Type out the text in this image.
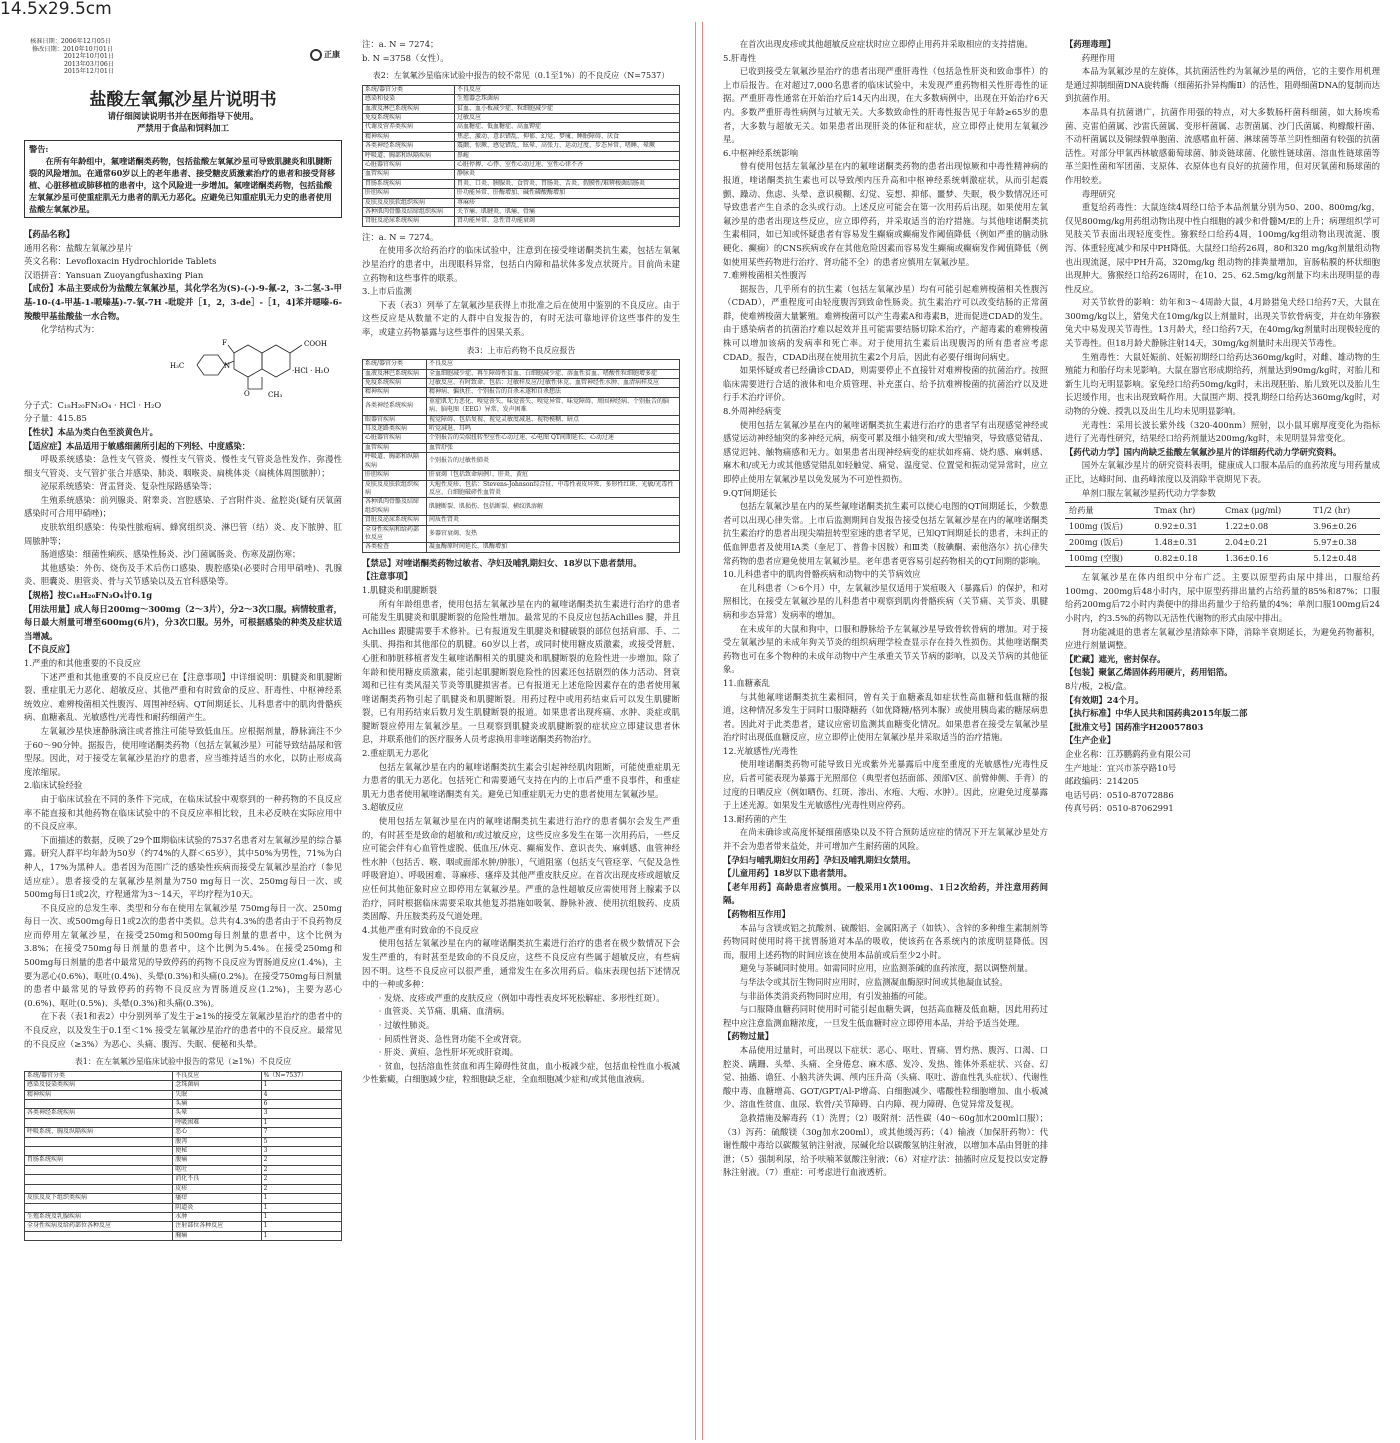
14.5x29.5cm
正康
核准日期：2006年12月05日
修改日期：2010年10月01日
2012年10月01日
2013年03月06日
2015年12月01日
盐酸左氧氟沙星片说明书
请仔细阅读说明书并在医师指导下使用。
严禁用于食品和饲料加工
警告:
在所有年龄组中，氟喹诺酮类药物，包括盐酸左氧氟沙星可导致肌腱炎和肌腱断裂的风险增加。在通常60岁以上的老年患者、接受糖皮质激素治疗的患者和接受肾移植、心脏移植或肺移植的患者中，这个风险进一步增加。氟喹诺酮类药物，包括盐酸左氧氟沙星可使重症肌无力患者的肌无力恶化。应避免已知重症肌无力史的患者使用盐酸左氧氟沙星。

【药品名称】

通用名称：盐酸左氧氟沙星片

英文名称：Levofloxacin Hydrochloride Tablets

汉语拼音：Yansuan Zuoyangfushaxing Pian

【成份】本品主要成份为盐酸左氧氟沙星，其化学名为(S)-(-)-9-氟-2，3-二氢-3-甲基-10-(4-甲基-1-哌嗪基)-7-氧-7H -吡啶并［1，2，3-de］-［1，4]苯并噁嗪-6-羧酸甲基盐酸盐一水合物。

化学结构式为：

COOH
F
N
O
H₃C
CH₃
·HCl · H₂O

分子式：C₁₈H₂₀FN₃O₄ · HCl · H₂O

分子量：415.85

【性状】本品为类白色至淡黄色片。

【适应症】本品适用于敏感细菌所引起的下列轻、中度感染：

呼吸系统感染：急性支气管炎、慢性支气管炎、慢性支气管炎急性发作、弥漫性细支气管炎、支气管扩张合并感染、肺炎、咽喉炎、扁桃体炎（扁桃体周围脓肿）；

泌尿系统感染：肾盂肾炎、复杂性尿路感染等；

生殖系统感染：前列腺炎、附睾炎、宫腔感染、子宫附件炎、盆腔炎(疑有厌氧菌感染时可合用甲硝唑)；

皮肤软组织感染：传染性脓疱病、蜂窝组织炎、淋巴管（结）炎、皮下脓肿、肛周脓肿等；

肠道感染：细菌性痢疾、感染性肠炎、沙门菌属肠炎、伤寒及副伤寒；

其他感染：外伤、烧伤及手术后伤口感染、腹腔感染(必要时合用甲硝唑)、乳腺炎、胆囊炎、胆管炎、骨与关节感染以及五官科感染等。

【规格】按C₁₈H₂₀FN₃O₄计0.1g

【用法用量】成人每日200mg～300mg（2～3片），分2～3次口服。病情较重者，每日最大剂量可增至600mg(6片)，分3次口服。另外，可根据感染的种类及症状适当增减。

【不良反应】

1.严重的和其他重要的不良反应

下述严重和其他重要的不良反应已在【注意事项】中详细说明：肌腱炎和肌腱断裂、重症肌无力恶化、超敏反应、其他严重和有时致命的反应、肝毒性、中枢神经系统效应、难辨梭菌相关性腹泻、周围神经病、QT间期延长、儿科患者中的肌肉骨骼疾病、血糖紊乱、光敏感性/光毒性和耐药细菌产生。

左氧氟沙星快速静脉滴注或者推注可能导致低血压。应根据剂量，静脉滴注不少于60～90分钟。据报告，使用喹诺酮类药物（包括左氧氟沙星）可能导致结晶尿和管型尿。因此，对于接受左氧氟沙星治疗的患者，应当维持适当的水化，以防止形成高度浓缩尿。

2.临床试验经验

由于临床试验在不同的条件下完成，在临床试验中观察到的一种药物的不良反应率不能直接和其他药物在临床试验中的不良反应率相比较，且未必反映在实际应用中的不良反应率。

下面描述的数据，反映了29个Ⅲ期临床试验的7537名患者对左氧氟沙星的综合暴露。研究人群平均年龄为50岁（约74%的人群＜65岁），其中50%为男性，71%为白种人，17%为黑种人。患者因为范围广泛的感染性疾病而接受左氧氟沙星治疗（参见适应症）。患者接受的左氧氟沙星剂量为750 mg每日一次、250mg每日一次、或500mg每日1或2次，疗程通常为3～14天，平均疗程为10天。

不良反应的总发生率、类型和分布在使用左氧氟沙星 750mg每日一次、250mg每日一次、或500mg每日1或2次的患者中类似。总共有4.3%的患者由于不良药物反应而停用左氧氟沙星，在接受250mg和500mg每日剂量的患者中，这个比例为3.8%；在接受750mg每日剂量的患者中，这个比例为5.4%。在接受250mg和500mg每日剂量的患者中最常见的导致停药的药物不良反应为胃肠道反应(1.4%)，主要为恶心(0.6%)、呕吐(0.4%)、头晕(0.3%)和头痛(0.2%)。在接受750mg每日剂量的患者中最常见的导致停药的药物不良反应为胃肠道反应(1.2%)，主要为恶心(0.6%)、呕吐(0.5%)、头晕(0.3%)和头痛(0.3%)。

在下表（表1和表2）中分别列举了发生于≥1%的接受左氧氟沙星治疗的患者中的不良反应，以及发生于0.1至＜1% 接受左氧氟沙星治疗的患者中的不良反应。最常见的不良反应（≥3%）为恶心、头痛、腹泻、失眠、便秘和头晕。

表1：在左氧氟沙星临床试验中报告的常见（≥1%）不良反应
系统/器官分类	不良反应	%（N=7537）
感染及侵染类疾病	念珠菌病	1
精神疾病	失眠	4
	头痛	6
各类神经系统疾病	头晕	3
	呼吸困难	1
呼吸系统、胸及纵隔疾病	恶心	7
	腹泻	5
	便秘	3
胃肠系统疾病	腹痛	2
	呕吐	2
	消化不良	2
	皮疹	2
皮肤及皮下组织类疾病	瘙痒	1
	阴道炎	1
生殖系统及乳腺疾病	水肿	1
全身性疾病及给药部位各种反应	注射部位各种反应	1
	胸痛	1

注：a. N = 7274；

b. N =3758（女性）。

表2：左氧氟沙星临床试验中报告的较不常见（0.1至1%）的不良反应（N=7537）
系统/器官分类	不良反应
感染和侵染	生殖器念珠菌病
血液及淋巴系统疾病	贫血、血小板减少症、粒细胞减少症
免疫系统疾病	过敏反应
代谢及营养类疾病	高血糖症、低血糖症、高血钾症
精神疾病	焦虑、激动、意识错乱、抑郁、幻觉、梦魇、睡眠障碍、厌食
各类神经系统疾病	震颤、惊厥、感觉错乱、眩晕、高张力、运动过度、步态异常、嗜睡、晕厥
呼吸道、胸部和纵隔疾病	鼻衄
心脏器官疾病	心脏停搏、心悸、室性心动过速、室性心律不齐
血管疾病	静脉炎
胃肠系统疾病	胃炎、口炎、胰腺炎、食管炎、胃肠炎、舌炎、假膜性/难辨梭菌结肠炎
肝胆疾病	肝功能异常、肝酶增加、碱性磷酸酶增加
皮肤及皮肤软组织疾病	荨麻疹
各种肌肉骨骼及结缔组织疾病	关节痛、肌腱炎、肌痛、骨痛
肾脏及泌尿系统疾病	肾功能异常、急性肾功能衰竭

注：a. N = 7274。

在使用多次给药治疗的临床试验中，注意到在接受喹诺酮类抗生素，包括左氧氟沙星治疗的患者中，出现眼科异常，包括白内障和晶状体多发点状斑片。目前尚未建立药物和这些事件的联系。

3.上市后监测

下表（表3）列举了左氧氟沙星获得上市批准之后在使用中鉴别的不良反应。由于这些反应是从数量不定的人群中自发报告的，有时无法可靠地评价这些事件的发生率，或建立药物暴露与这些事件的因果关系。

表3：上市后药物不良反应报告
系统/器官分类	不良反应
血液及淋巴系统疾病	全血细胞减少症、再生障碍性贫血、白细胞减少症、溶血性贫血、嗜酸性粒细胞增多症
免疫系统疾病	过敏反应、有时致命、包括：过敏样反应/过敏性休克、血管神经性水肿、血清病样反应
精神疾病	精神病、偏执狂、个别报告的自杀未遂和自杀想法
各类神经系统疾病	重症肌无力恶化、嗅觉丧失、味觉丧失、嗅觉异常、味觉障碍、周围神经病、个别报告的脑病、脑电图（EEG）异常、发声困难
眼器官疾病	视觉障碍、包括复视、视觉灵敏度减退、视物模糊、暗点
耳及迷路类疾病	听觉减退、耳鸣
心脏器官疾病	个别报告的尖端扭转型室性心动过速、心电图 QT间期延长、心动过速
血管疾病	血管舒张
呼吸道、胸部和纵隔疾病	个别报告的过敏性肺炎
肝胆疾病	肝衰竭（包括致命病例）、肝炎、黄疸
皮肤及皮肤软组织疾病	大疱性皮疹、包括：Stevens-Johnson综合征、中毒性表皮坏死、多形性红斑、光敏/光毒性反应、白细胞破碎性血管炎
各种肌肉骨骼及结缔组织疾病	肌腱断裂、肌损伤、包括断裂、横纹肌溶解
肾脏及泌尿系统疾病	间质性肾炎
全身性疾病和给药部位反应	多器官衰竭、发热
各类检查	凝血酶原时间延长、肌酶增加

【禁忌】对喹诺酮类药物过敏者、孕妇及哺乳期妇女、18岁以下患者禁用。

【注意事项】

1.肌腱炎和肌腱断裂

所有年龄组患者，使用包括左氧氟沙星在内的氟喹诺酮类抗生素进行治疗的患者可能发生肌腱炎和肌腱断裂的危险性增加。最常见的不良反应包括Achilles 腱，并且Achilles 跟腱需要手术修补。已有报道发生肌腱炎和腱破裂的部位包括肩部、手、二头肌、拇指和其他部位的肌腱。60岁以上者，或同时使用糖皮质激素，或接受肾脏、心脏和肺脏移植者发生氟喹诺酮相关的肌腱炎和肌腱断裂的危险性进一步增加。除了年龄和使用糖皮质激素，能引起肌腱断裂危险性的因素还包括剧烈的体力活动、肾衰竭和已往有类风湿关节炎等肌腱损害者。已有报道无上述危险因素存在的患者使用氟喹诺酮类药物引起了肌腱炎和肌腱断裂。用药过程中或用药结束后可以发生肌腱断裂，已有用药结束后数月发生肌腱断裂的报道。如果患者出现疼痛、水肿、炎症或肌腱断裂应停用左氧氟沙星。一旦观察到肌腱炎或肌腱断裂的症状应立即建议患者休息，并联系他们的医疗服务人员考虑换用非喹诺酮类药物治疗。

2.重症肌无力恶化

包括左氧氟沙星在内的氟喹诺酮类抗生素会引起神经肌肉阻断，可能使重症肌无力患者的肌无力恶化。包括死亡和需要通气支持在内的上市后严重不良事件，和重症肌无力患者使用氟喹诺酮类有关。避免已知重症肌无力史的患者使用左氧氟沙星。

3.超敏反应

使用包括左氧氟沙星在内的氟喹诺酮类抗生素进行治疗的患者偶尔会发生严重的，有时甚至是致命的超敏和/或过敏反应，这些反应多发生在第一次用药后，一些反应可能会伴有心血管性虚脱、低血压/休克、癫痫发作、意识丧失、麻刺感、血管神经性水肿（包括舌、喉、咽或面部水肿/肿胀），气道阻塞（包括支气管痉挛、气促及急性呼吸窘迫）、呼吸困难、荨麻疹、瘙痒及其他严重皮肤反应。在首次出现皮疹或超敏反应任何其他征象时应立即停用左氧氟沙星。严重的急性超敏反应需使用肾上腺素予以治疗，同时根据临床需要采取其他复苏措施如吸氧、静脉补液、使用抗组胺药、皮质类固醇、升压胺类药及气道处理。

4.其他严重有时致命的不良反应

使用包括左氧氟沙星在内的氟喹诺酮类抗生素进行治疗的患者在极少数情况下会发生严重的，有时甚至是致命的不良反应，这些不良反应有些属于超敏反应，有些病因不明。这些不良反应可以很严重，通常发生在多次用药后。临床表现包括下述情况中的一种或多种：

· 发烧、皮疹或严重的皮肤反应（例如中毒性表皮坏死松解症、多形性红斑）。

· 血管炎、关节痛、肌痛、血清病。

· 过敏性肺炎。

· 间质性肾炎、急性肾功能不全或肾衰。

· 肝炎、黄疸、急性肝坏死或肝衰竭。

· 贫血，包括溶血性贫血和再生障碍性贫血，血小板减少症，包括血栓性血小板减少性紫癜，白细胞减少症，粒细胞缺乏症，全血细胞减少症和/或其他血液病。

在首次出现皮疹或其他超敏反应症状时应立即停止用药并采取相应的支持措施。

5.肝毒性

已收到接受左氧氟沙星治疗的患者出现严重肝毒性（包括急性肝炎和致命事件）的上市后报告。在对超过7,000名患者的临床试验中，未发现严重药物相关性肝毒性的证据。严重肝毒性通常在开始治疗后14天内出现，在大多数病例中，出现在开始治疗6天内。多数严重肝毒性病例与过敏无关。大多数致命性的肝毒性报告见于年龄≥65岁的患者，大多数与超敏无关。如果患者出现肝炎的体征和症状，应立即停止使用左氧氟沙星。

6.中枢神经系统影响

曾有使用包括左氧氟沙星在内的氟喹诺酮类药物的患者出现惊厥和中毒性精神病的报道，喹诺酮类抗生素也可以导致颅内压升高和中枢神经系统刺激症状，从而引起震颤、躁动、焦虑、头晕、意识模糊、幻觉、妄想、抑郁、噩梦、失眠，极少数情况还可导致患者产生自杀的念头或行动。上述反应可能会在第一次用药后出现。如果使用左氧氟沙星的患者出现这些反应，应立即停药，并采取适当的治疗措施。与其他喹诺酮类抗生素相同，如已知或怀疑患者有容易发生癫痫或癫痫发作阈值降低（例如严重的脑动脉硬化、癫痫）的CNS疾病或存在其他危险因素而容易发生癫痫或癫痫发作阈值降低（例如使用某些药物进行治疗、肾功能不全）的患者应慎用左氧氟沙星。

7.难辨梭菌相关性腹泻

据报告，几乎所有的抗生素（包括左氧氟沙星）均有可能引起难辨梭菌相关性腹泻（CDAD），严重程度可由轻度腹泻到致命性肠炎。抗生素治疗可以改变结肠的正常菌群，使难辨梭菌大量繁殖。难辨梭菌可以产生毒素A和毒素B，进而促进CDAD的发生。由于感染病者的抗菌治疗难以起效并且可能需要结肠切除术治疗，产超毒素的难辨梭菌株可以增加该病的发病率和死亡率。对于使用抗生素后出现腹泻的所有患者应考虑CDAD。报告，CDAD出现在使用抗生素2个月后，因此有必要仔细询问病史。

如果怀疑或者已经确诊CDAD，则需要停止不直接针对难辨梭菌的抗菌治疗。按照临床需要进行合适的液体和电介质管理、补充蛋白、给予抗难辨梭菌的抗菌治疗以及进行手术治疗评价。

8.外周神经病变

使用包括左氧氟沙星在内的氟喹诺酮类抗生素进行治疗的患者罕有出现感觉神经或感觉运动神经轴突的多神经元病，病变可累及细小轴突和/或大型轴突，导致感觉错乱、感觉迟钝、触物痛感和无力。如果患者出现神经病变的症状如疼痛、烧灼感、麻刺感、麻木和/或无力或其他感觉错乱如轻触觉、痛觉、温度觉、位置觉和振动觉异常时，应立即停止使用左氧氟沙星以免发展为不可逆性损伤。

9.QT间期延长

包括左氧氟沙星在内的某些氟喹诺酮类抗生素可以使心电图的QT间期延长，少数患者可以出现心律失常。上市后监测期间自发报告接受包括左氧氟沙星在内的氟喹诺酮类抗生素治疗的患者出现尖端扭转型室速的患者罕见，已知QT间期延长的患者，未纠正的低血钾患者及使用IA类（奎尼丁、普鲁卡因胺）和Ⅲ类（胺碘酮、索他洛尔）抗心律失常药物的患者应避免使用左氧氟沙星。老年患者更容易引起药物相关的QT间期的影响。

10.儿科患者中的肌肉骨骼疾病和动物中的关节病效应

在儿科患者（＞6个月）中，左氧氟沙星仅适用于炭疽吸入（暴露后）的保护，和对照相比，在接受左氧氟沙星的儿科患者中观察到肌肉骨骼疾病（关节痛、关节炎、肌腱病和步态异常）发病率的增加。

在未成年的大鼠和狗中，口服和静脉给予左氧氟沙星导致骨软骨病的增加。对于接受左氧氟沙星的未成年狗关节炎的组织病理学检查显示存在持久性损伤。其他喹诺酮类药物也可在多个物种的未成年动物中产生承重关节关节病的影响，以及关节病的其他征象。

11.血糖紊乱

与其他氟喹诺酮类抗生素相同，曾有关于血糖紊乱如症状性高血糖和低血糖的报道，这种情况多发生于同时口服降糖药（如优降糖/格列本脲）或使用胰岛素的糖尿病患者。因此对于此类患者，建议应密切监测其血糖变化情况。如果患者在接受左氧氟沙星治疗时出现低血糖反应，应立即停止使用左氧氟沙星并采取适当的治疗措施。

12.光敏感性/光毒性

使用喹诺酮类药物可能导致日光或紫外光暴露后中度至重度的光敏感性/光毒性反应，后者可能表现为暴露于光照部位（典型者包括面部、颈部V区、前臂伸侧、手背）的过度的日晒反应（例如晒伤、红斑、渗出、水疱、大疱、水肿）。因此，应避免过度暴露于上述光源。如果发生光敏感性/光毒性则应停药。

13.耐药菌的产生

在尚未确诊或高度怀疑细菌感染以及不符合预防适应症的情况下开左氧氟沙星处方并不会为患者带来益处，并可增加产生耐药菌的风险。

【孕妇与哺乳期妇女用药】孕妇及哺乳期妇女禁用。

【儿童用药】18岁以下患者禁用。

【老年用药】高龄患者应慎用。一般采用1次100mg、1日2次给药，并注意用药间隔。

【药物相互作用】

本品与含镁或铝之抗酸剂、硫酸铝、金属阳离子（如铁）、含锌的多种维生素制剂等药物同时使用时将干扰胃肠道对本品的吸收，使该药在各系统内的浓度明显降低。因而，服用上述药物的时间应该在使用本品前或后至少2小时。

避免与茶碱同时使用。如需同时应用，应监测茶碱的血药浓度，据以调整剂量。

与华法令或其衍生物同时应用时，应监测凝血酶原时间或其他凝血试验。

与非甾体类消炎药物同时应用，有引发抽搐的可能。

与口服降血糖药同时使用时可能引起血糖失调，包括高血糖及低血糖，因此用药过程中应注意监测血糖浓度，一旦发生低血糖时应立即停用本品，并给予适当处理。

【药物过量】

本品使用过量时，可出现以下症状：恶心、呕吐、胃痛、胃灼热、腹泻、口渴、口腔炎、蹒跚、头晕、头痛、全身倦怠、麻木感、发冷、发热、锥体外系症状、兴奋、幻觉、抽搐、谵狂、小脑共济失调、颅内压升高（头痛、呕吐、游血性乳头症状）、代谢性酸中毒、血糖增高、GOT/GPT/Al-P增高、白细胞减少、嗜酸性粒细胞增加、血小板减少、溶血性贫血、血尿、软骨/关节障碍、白内障、视力障碍、色觉异常及复视。

急救措施及解毒药（1）洗胃；（2）吸附剂：活性碳（40～60g加水200ml口服）；（3）泻药：硫酸镁（30g加水200ml），或其他缓泻药；（4）输液（加保肝药物）：代谢性酸中毒给以碳酸氢钠注射液，尿碱化给以碳酸氢钠注射液，以增加本品由肾脏的排泄；（5）强制利尿，给予呋喃苯氨酸注射液；（6）对症疗法：抽搐时应反复投以安定静脉注射液。（7）重症：可考虑进行血液透析。

【药理毒理】

药理作用

本品为氧氟沙星的左旋体，其抗菌活性约为氧氟沙星的两倍，它的主要作用机理是通过抑制细菌DNA旋转酶（细菌拓扑异构酶Ⅱ）的活性，阻碍细菌DNA的复制而达到抗菌作用。

本品具有抗菌谱广，抗菌作用强的特点，对大多数肠杆菌科细菌，如大肠埃希菌、克雷伯菌属、沙雷氏菌属、变形杆菌属、志贺菌属、沙门氏菌属、枸橼酸杆菌、不动杆菌属以及铜绿假单胞菌、流感嗜血杆菌、淋球菌等革兰阴性细菌有较强的抗菌活性。对部分甲氧西林敏感葡萄球菌、肺炎链球菌、化脓性链球菌、溶血性链球菌等革兰阳性菌和军团菌、支原体、衣原体也有良好的抗菌作用，但对厌氧菌和肠球菌的作用较差。

毒理研究

重复给药毒性：大鼠连续4周经口给予本品剂量分别为50、200、800mg/kg，仅见800mg/kg用药组动物出现中性白细胞的减少和骨髓M/E的上升；病理组织学可见肢关节表面出现轻度变性。猕猴经口给药4周，100mg/kg组动物出现流涎、腹泻、体重轻度减少和尿中PH降低。大鼠经口给药26周，80和320 mg/kg剂量组动物也出现流涎，尿中PH升高，320mg/kg 组动物的排粪量增加，盲肠粘膜的杯状细胞出现肿大。猕猴经口给药26周时，在10、25、62.5mg/kg剂量下均未出现明显的毒性反应。

对关节软骨的影响：幼年和3～4周龄大鼠，4月龄猎兔犬经口给药7天，大鼠在300mg/kg以上，猎兔犬在10mg/kg以上剂量时，出现关节软骨病变，并在幼年猕猴兔犬中易发现关节毒性。13月龄犬，经口给药7天，在40mg/kg剂量时出现极轻度的关节毒性。但18月龄犬静脉注射14天，30mg/kg剂量时未出现关节毒性。

生殖毒性：大鼠妊娠前、妊娠初期经口给药达360mg/kg时，对雌、雄动物的生殖能力和胎仔均未见影响。大鼠在器官形成期给药，剂量达到90mg/kg时，对胎儿和新生儿均无明显影响。家兔经口给药50mg/kg时，未出现胚胎、胎儿致死以及胎儿生长迟缓作用，也未出现致畸作用。大鼠围产期、授乳期经口给药达360mg/kg时，对动物的分娩、授乳以及出生儿均未见明显影响。

光毒性：采用长波长紫外线（320-400nm）照射，以小鼠耳廓厚度变化为指标进行了光毒性研究，结果经口给药剂量达200mg/kg时，未见明显异常变化。

【药代动力学】国内尚缺乏盐酸左氧氟沙星片的详细药代动力学研究资料。

国外左氧氟沙星片的研究资料表明，健康成人口服本品后的血药浓度与用药量成正比，达峰时间、血药峰浓度以及消除半衰期见下表。

单剂口服左氧氟沙星药代动力学参数

给药量	Tmax (hr)	Cmax (μg/ml)	T1/2 (hr)
100mg (饭后)	0.92±0.31	1.22±0.08	3.96±0.26
200mg (饭后)	1.48±0.31	2.04±0.21	5.97±0.38
100mg (空腹)	0.82±0.18	1.36±0.16	5.12±0.48

左氧氟沙星在体内组织中分布广泛。主要以原型药由尿中排出，口服给药100mg、200mg后48小时内，尿中原型药排出量约占给药量的85%和87%；口服给药200mg后72小时内粪便中的排出药量少于给药量的4%；单剂口服100mg后24小时内，约3.5%的药物以无活性代谢物的形式由尿中排出。

肾功能减退的患者左氧氟沙星清除率下降，消除半衰期延长，为避免药物蓄积，应进行剂量调整。

【贮藏】遮光，密封保存。

【包装】聚氯乙烯固体药用硬片，药用铝箔。

8片/板，2板/盒。

【有效期】24个月。

【执行标准】中华人民共和国药典2015年版二部

【批准文号】国药准字H20057803

【生产企业】

企业名称：江苏鹏鹞药业有限公司

生产地址：宜兴市茶亭路10号

邮政编码：214205

电话号码：0510-87072886

传真号码：0510-87062991
